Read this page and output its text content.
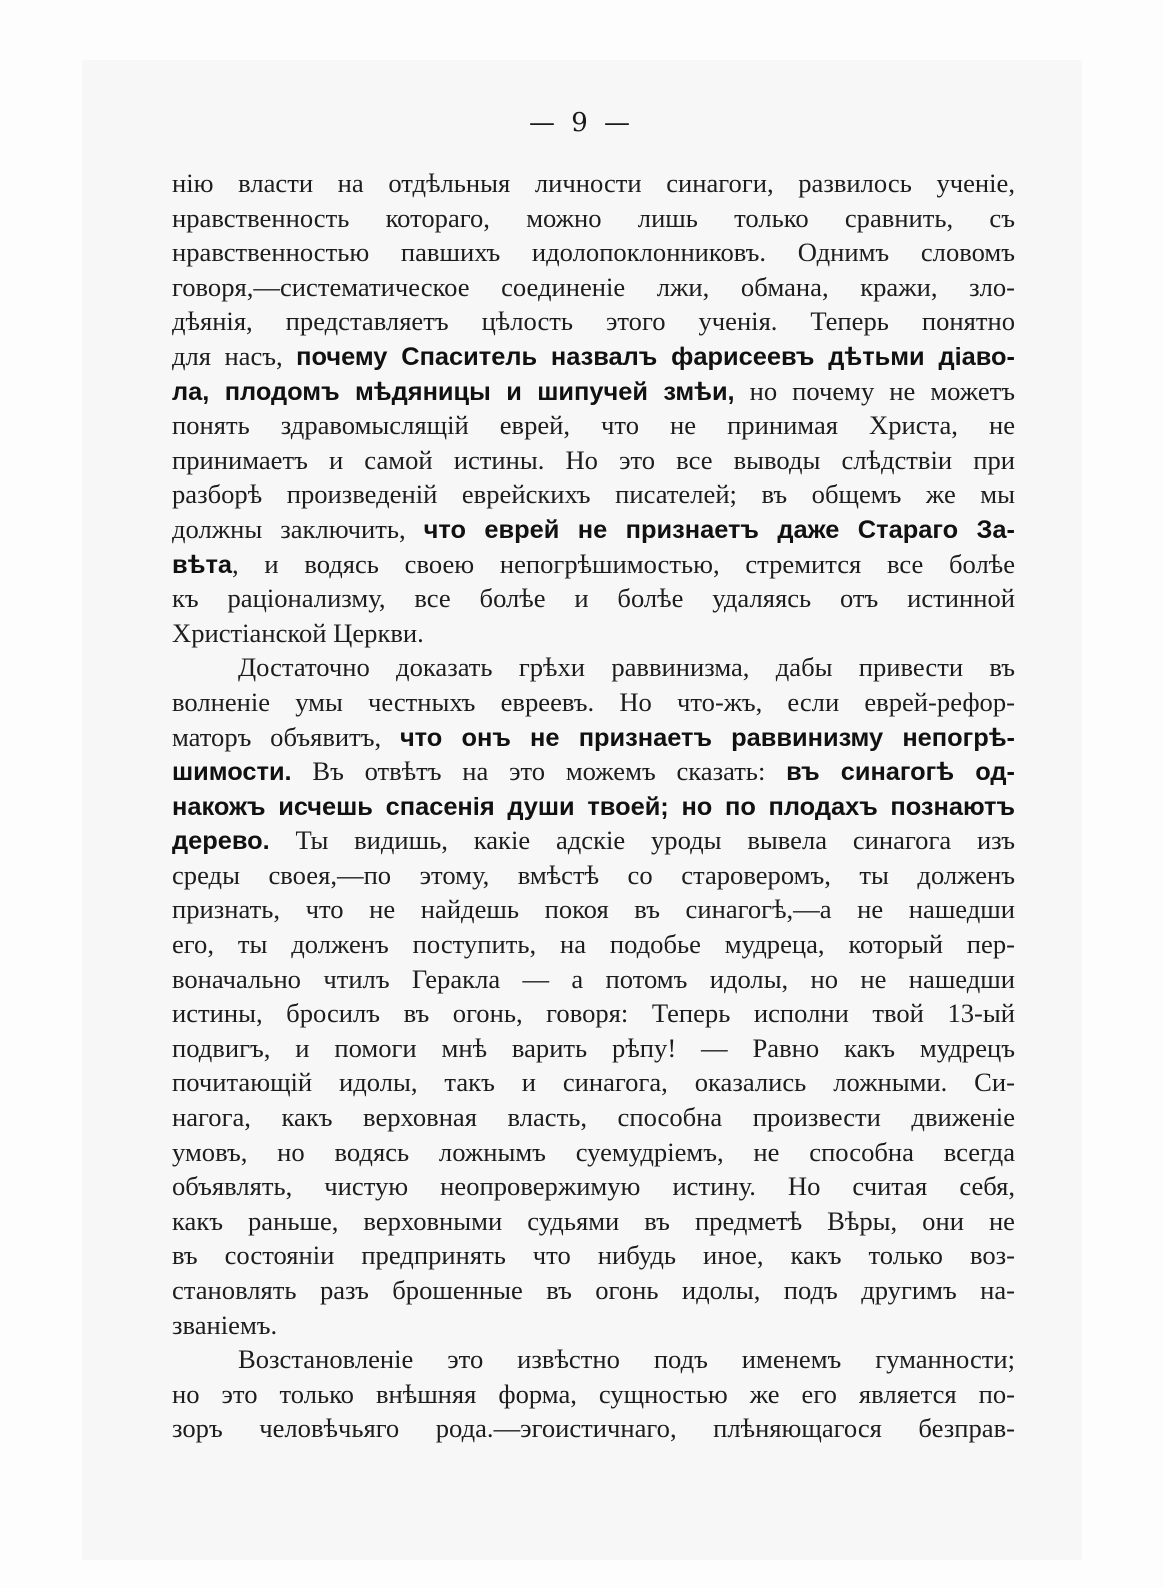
— 9 —
нію власти на отдѣльныя личности синагоги, развилось ученіе,
нравственность котораго, можно лишь только сравнить, съ
нравственностью павшихъ идолопоклонниковъ. Однимъ словомъ
говоря,—систематическое соединеніе лжи, обмана, кражи, зло-
дѣянія, представляетъ цѣлость этого ученія. Теперь понятно
для насъ, почему Спаситель назвалъ фарисеевъ дѣтьми діаво-
ла, плодомъ мѣдяницы и шипучей змѣи, но почему не можетъ
понять здравомыслящій еврей, что не принимая Христа, не
принимаетъ и самой истины. Но это все выводы слѣдствіи при
разборѣ произведеній еврейскихъ писателей; въ общемъ же мы
должны заключить, что еврей не признаетъ даже Стараго За-
вѣта, и водясь своею непогрѣшимостью, стремится все болѣе
къ раціонализму, все болѣе и болѣе удаляясь отъ истинной
Христіанской Церкви.
Достаточно доказать грѣхи раввинизма, дабы привести въ
волненіе умы честныхъ евреевъ. Но что-жъ, если еврей-рефор-
маторъ объявитъ, что онъ не признаетъ раввинизму непогрѣ-
шимости. Въ отвѣтъ на это можемъ сказать: въ синагогѣ од-
накожъ исчешь спасенія души твоей; но по плодахъ познаютъ
дерево. Ты видишь, какіе адскіе уроды вывела синагога изъ
среды своея,—по этому, вмѣстѣ со староверомъ, ты долженъ
признать, что не найдешь покоя въ синагогѣ,—а не нашедши
его, ты долженъ поступить, на подобье мудреца, который пер-
воначально чтилъ Геракла — а потомъ идолы, но не нашедши
истины, бросилъ въ огонь, говоря: Теперь исполни твой 13-ый
подвигъ, и помоги мнѣ варить рѣпу! — Равно какъ мудрецъ
почитающій идолы, такъ и синагога, оказались ложными. Си-
нагога, какъ верховная власть, способна произвести движеніе
умовъ, но водясь ложнымъ суемудріемъ, не способна всегда
объявлять, чистую неопровержимую истину. Но считая себя,
какъ раньше, верховными судьями въ предметѣ Вѣры, они не
въ состояніи предпринять что нибудь иное, какъ только воз-
становлять разъ брошенные въ огонь идолы, подъ другимъ на-
званіемъ.
Возстановленіе это извѣстно подъ именемъ гуманности;
но это только внѣшняя форма, сущностью же его является по-
зоръ человѣчьяго рода.—эгоистичнаго, плѣняющагося безправ-
